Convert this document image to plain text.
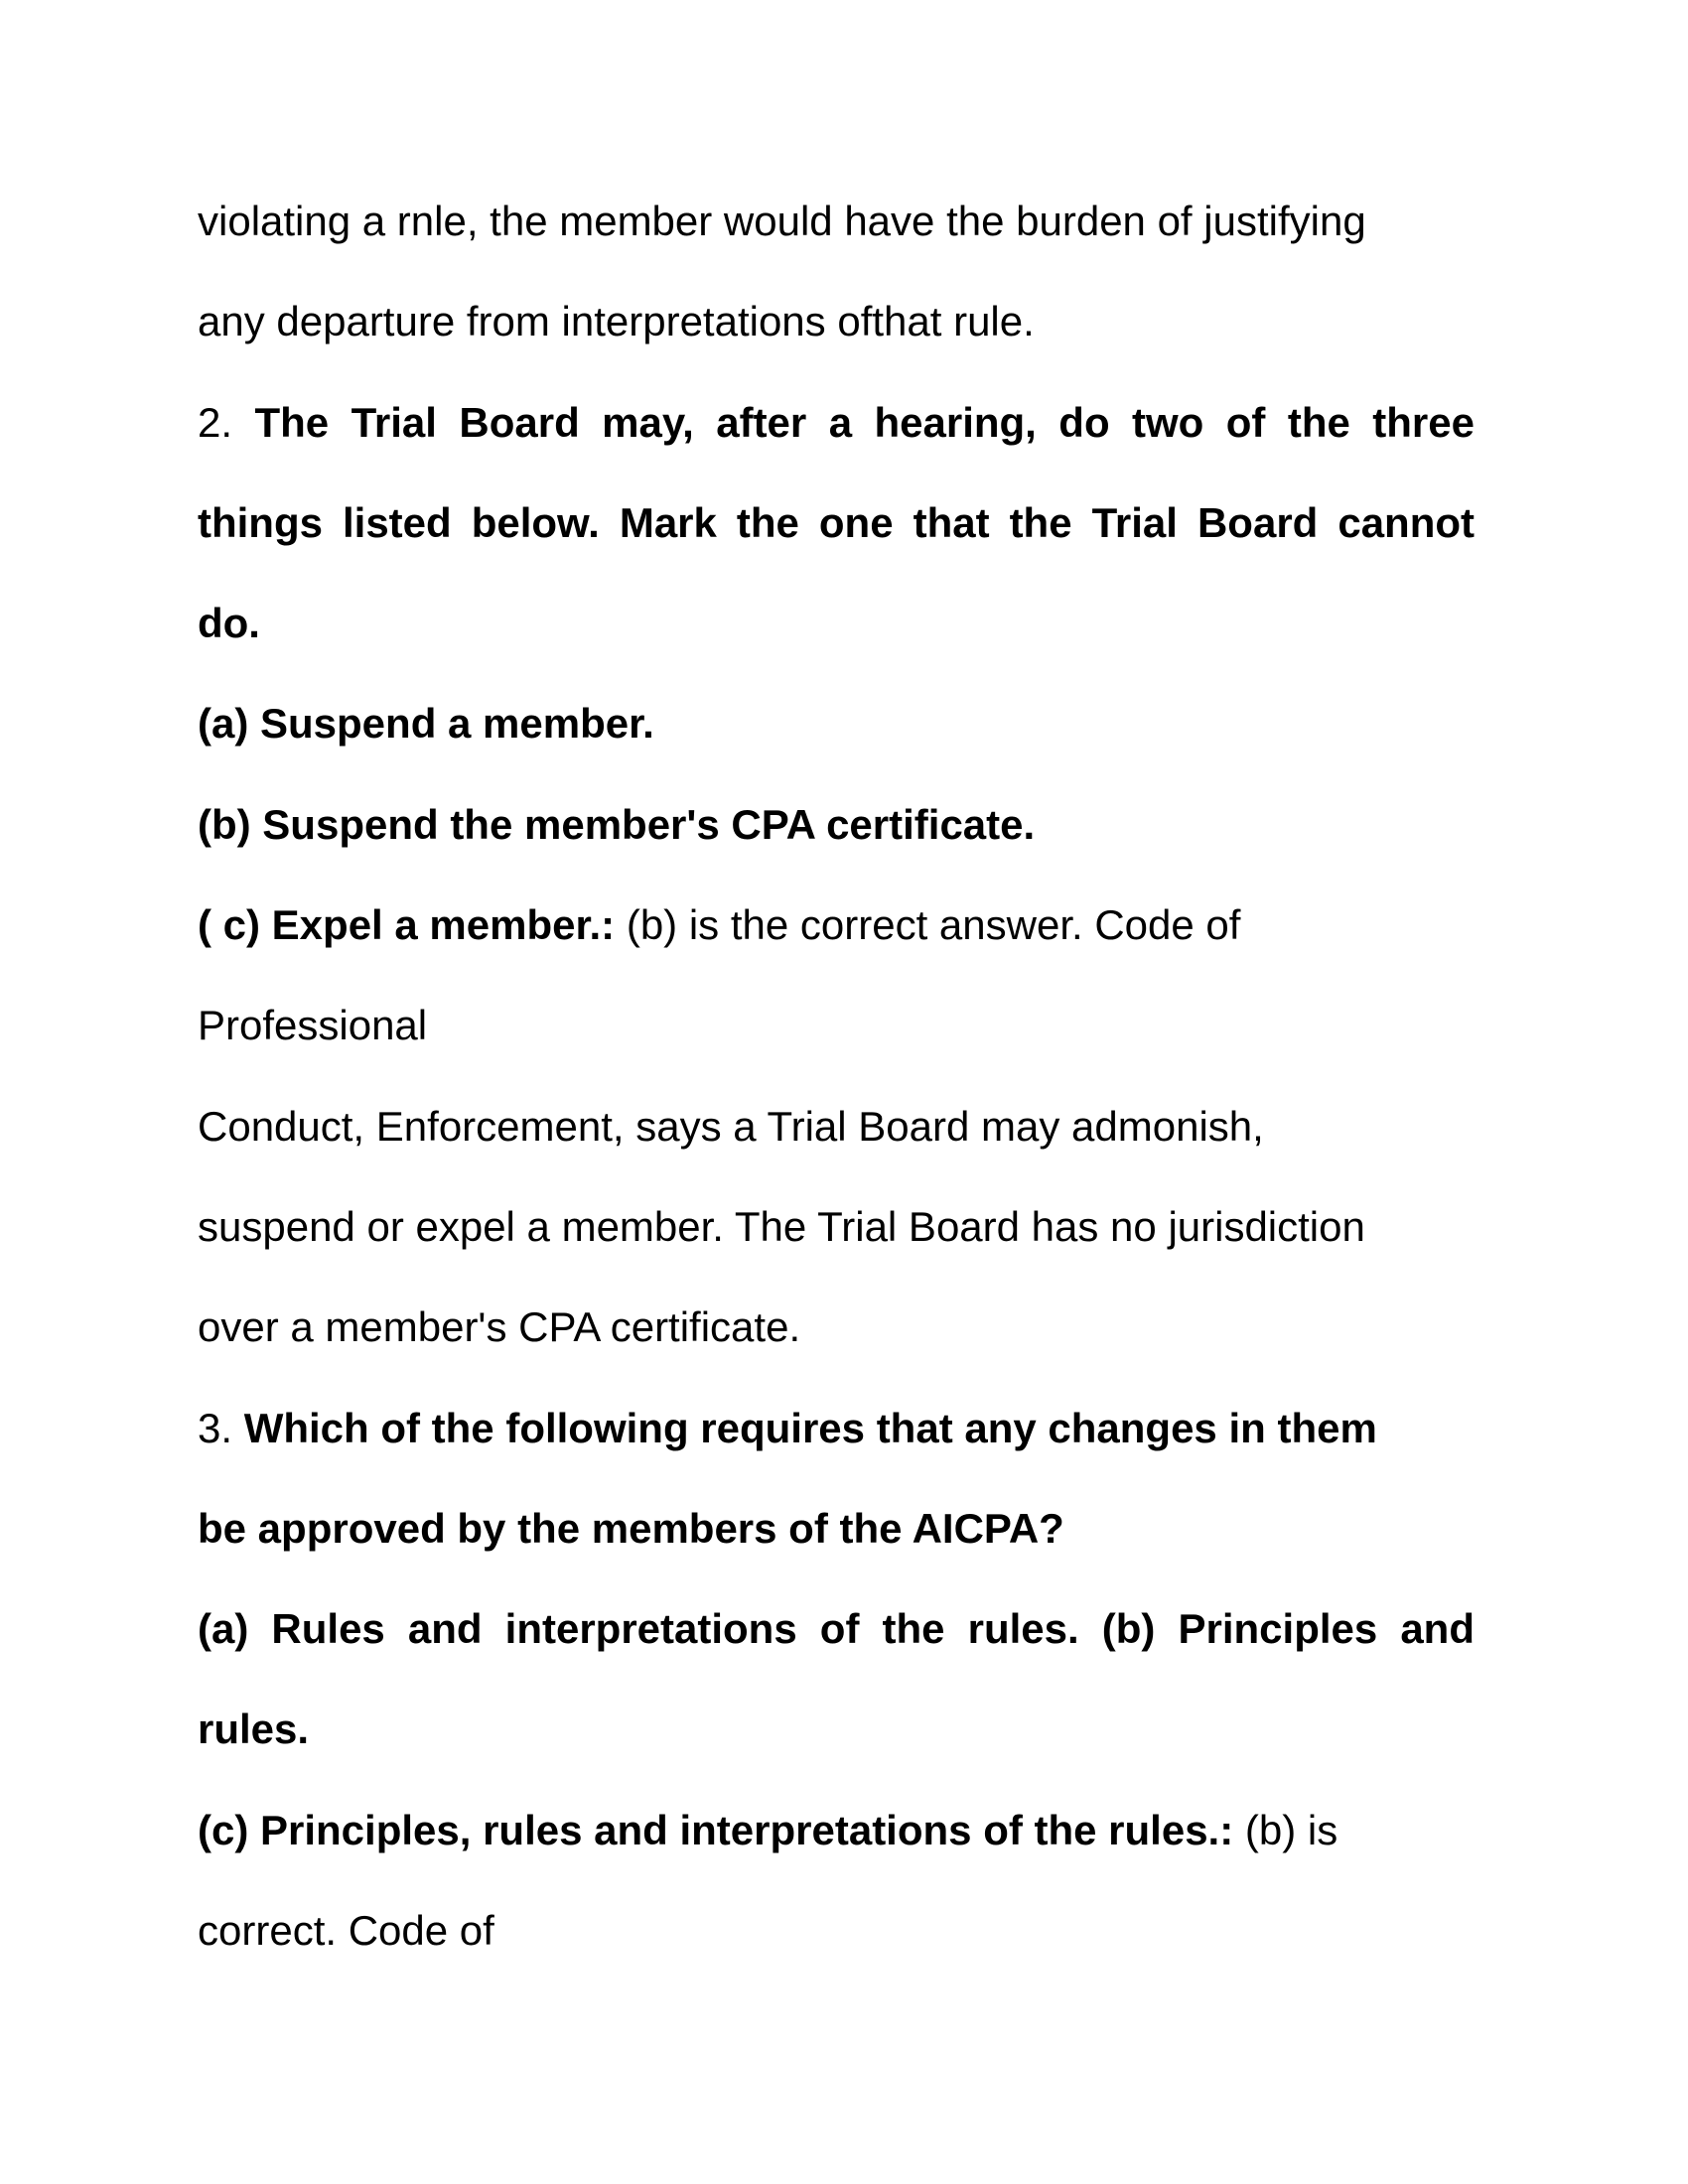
violating a rnle, the member would have the burden of justifying
any departure from interpretations ofthat rule.
2. The Trial Board may, after a hearing, do two of the three
things listed below. Mark the one that the Trial Board cannot
do.
(a) Suspend a member.
(b) Suspend the member's CPA certificate.
( c) Expel a member.: (b) is the correct answer. Code of
Professional
Conduct, Enforcement, says a Trial Board may admonish,
suspend or expel a member. The Trial Board has no jurisdiction
over a member's CPA certificate.
3. Which of the following requires that any changes in them
be approved by the members of the AICPA?
(a) Rules and interpretations of the rules. (b) Principles and
rules.
(c) Principles, rules and interpretations of the rules.: (b) is
correct. Code of
